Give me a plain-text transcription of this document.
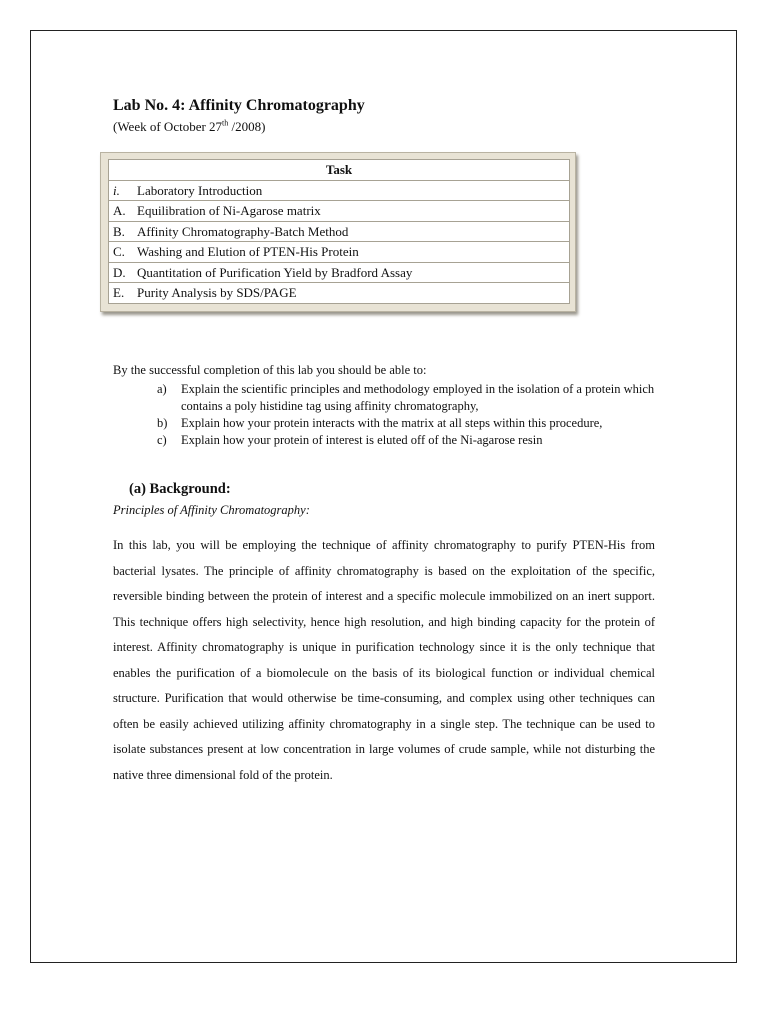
Lab No. 4: Affinity Chromatography
(Week of October 27th /2008)
Task
i. Laboratory Introduction
A. Equilibration of Ni-Agarose matrix
B. Affinity Chromatography-Batch Method
C. Washing and Elution of PTEN-His Protein
D. Quantitation of Purification Yield by Bradford Assay
E. Purity Analysis by SDS/PAGE
By the successful completion of this lab you should be able to:
a) Explain the scientific principles and methodology employed in the isolation of a protein which contains a poly histidine tag using affinity chromatography,
b) Explain how your protein interacts with the matrix at all steps within this procedure,
c) Explain how your protein of interest is eluted off of the Ni-agarose resin
(a) Background:
Principles of Affinity Chromatography:
In this lab, you will be employing the technique of affinity chromatography to purify PTEN-His from bacterial lysates. The principle of affinity chromatography is based on the exploitation of the specific, reversible binding between the protein of interest and a specific molecule immobilized on an inert support. This technique offers high selectivity, hence high resolution, and high binding capacity for the protein of interest. Affinity chromatography is unique in purification technology since it is the only technique that enables the purification of a biomolecule on the basis of its biological function or individual chemical structure. Purification that would otherwise be time-consuming, and complex using other techniques can often be easily achieved utilizing affinity chromatography in a single step. The technique can be used to isolate substances present at low concentration in large volumes of crude sample, while not disturbing the native three dimensional fold of the protein.
